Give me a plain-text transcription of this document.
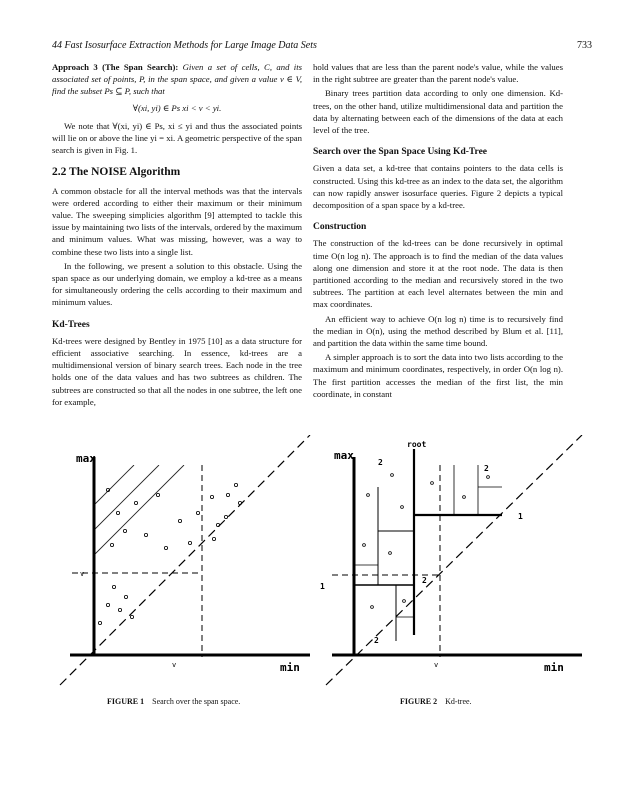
44 Fast Isosurface Extraction Methods for Large Image Data Sets	733

Approach 3 (The Span Search): Given a set of cells, C, and its associated set of points, P, in the span space, and given a value v ∈ V, find the subset Ps ⊆ P, such that

∀(xi, yi) ∈ Ps xi < v < yi.

We note that ∀(xi, yi) ∈ Ps, xi ≤ yi and thus the associated points will lie on or above the line yi = xi. A geometric perspective of the span search is given in Fig. 1.

2.2 The NOISE Algorithm

A common obstacle for all the interval methods was that the intervals were ordered according to either their maximum or their minimum value. The sweeping simplicies algorithm [9] attempted to tackle this issue by maintaining two lists of the intervals, ordered by the maximum and minimum values. What was missing, however, was a way to combine these two lists into a single list.

In the following, we present a solution to this obstacle. Using the span space as our underlying domain, we employ a kd-tree as a means for simultaneously ordering the cells according to their maximum and minimum values.

Kd-Trees

Kd-trees were designed by Bentley in 1975 [10] as a data structure for efficient associative searching. In essence, kd-trees are a multidimensional version of binary search trees. Each node in the tree holds one of the data values and has two subtrees as children. The subtrees are constructed so that all the nodes in one subtree, the left one for example,

hold values that are less than the parent node's value, while the values in the right subtree are greater than the parent node's value.

Binary trees partition data according to only one dimension. Kd-trees, on the other hand, utilize multidimensional data and partition the data by alternating between each of the dimensions of the data at each level of the tree.

Search over the Span Space Using Kd-Tree

Given a data set, a kd-tree that contains pointers to the data cells is constructed. Using this kd-tree as an index to the data set, the algorithm can now rapidly answer isosurface queries. Figure 2 depicts a typical decomposition of a span space by a kd-tree.

Construction

The construction of the kd-trees can be done recursively in optimal time O(n log n). The approach is to find the median of the data values along one dimension and store it at the root node. The data is then partitioned according to the median and recursively stored in the two subtrees. The partition at each level alternates between the min and max coordinates.

An efficient way to achieve O(n log n) time is to recursively find the median in O(n), using the method described by Blum et al. [11], and partition the data within the same time bound.

A simpler approach is to sort the data into two lists according to the maximum and minimum coordinates, respectively, in order O(n log n). The first partition accesses the median of the first list, the min coordinate, in constant

max
min
v
v
root
max
min
v
1
1
2
2
2
2
FIGURE 1 Search over the span space.	FIGURE 2 Kd-tree.
